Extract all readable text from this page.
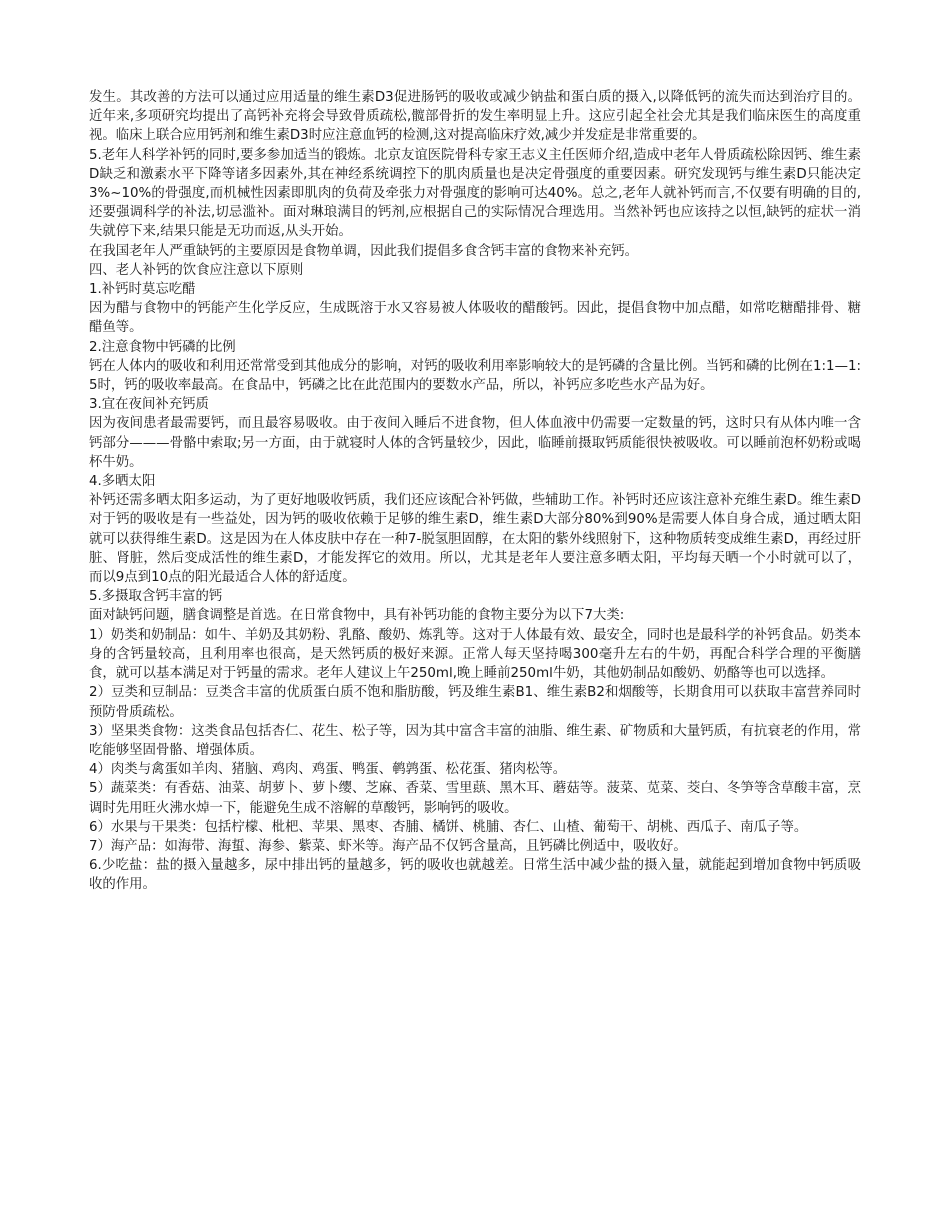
发生。其改善的方法可以通过应用适量的维生素D3促进肠钙的吸收或减少钠盐和蛋白质的摄入,以降低钙的流失而达到治疗目的。近年来,多项研究均提出了高钙补充将会导致骨质疏松,髋部骨折的发生率明显上升。这应引起全社会尤其是我们临床医生的高度重视。临床上联合应用钙剂和维生素D3时应注意血钙的检测,这对提高临床疗效,减少并发症是非常重要的。

5.老年人科学补钙的同时,要多参加适当的锻炼。北京友谊医院骨科专家王志义主任医师介绍,造成中老年人骨质疏松除因钙、维生素D缺乏和激素水平下降等诸多因素外,其在神经系统调控下的肌肉质量也是决定骨强度的重要因素。研究发现钙与维生素D只能决定3%~10%的骨强度,而机械性因素即肌肉的负荷及牵张力对骨强度的影响可达40%。总之,老年人就补钙而言,不仅要有明确的目的,还要强调科学的补法,切忌滥补。面对琳琅满目的钙剂,应根据自己的实际情况合理选用。当然补钙也应该持之以恒,缺钙的症状一消失就停下来,结果只能是无功而返,从头开始。

在我国老年人严重缺钙的主要原因是食物单调，因此我们提倡多食含钙丰富的食物来补充钙。

四、老人补钙的饮食应注意以下原则

1.补钙时莫忘吃醋

因为醋与食物中的钙能产生化学反应，生成既溶于水又容易被人体吸收的醋酸钙。因此，提倡食物中加点醋，如常吃糖醋排骨、糖醋鱼等。

2.注意食物中钙磷的比例

钙在人体内的吸收和利用还常常受到其他成分的影响，对钙的吸收利用率影响较大的是钙磷的含量比例。当钙和磷的比例在1:1—1:5时，钙的吸收率最高。在食品中，钙磷之比在此范围内的要数水产品，所以，补钙应多吃些水产品为好。

3.宜在夜间补充钙质

因为夜间患者最需要钙，而且最容易吸收。由于夜间入睡后不进食物，但人体血液中仍需要一定数量的钙，这时只有从体内唯一含钙部分———骨骼中索取;另一方面，由于就寝时人体的含钙量较少，因此，临睡前摄取钙质能很快被吸收。可以睡前泡杯奶粉或喝杯牛奶。

4.多晒太阳

补钙还需多晒太阳多运动，为了更好地吸收钙质，我们还应该配合补钙做，些辅助工作。补钙时还应该注意补充维生素D。维生素D对于钙的吸收是有一些益处，因为钙的吸收依赖于足够的维生素D，维生素D大部分80%到90%是需要人体自身合成，通过晒太阳就可以获得维生素D。这是因为在人体皮肤中存在一种7-脱氢胆固醇，在太阳的紫外线照射下，这种物质转变成维生素D，再经过肝脏、肾脏，然后变成活性的维生素D，才能发挥它的效用。所以，尤其是老年人要注意多晒太阳，平均每天晒一个小时就可以了，而以9点到10点的阳光最适合人体的舒适度。

5.多摄取含钙丰富的钙

面对缺钙问题，膳食调整是首选。在日常食物中，具有补钙功能的食物主要分为以下7大类:

1）奶类和奶制品：如牛、羊奶及其奶粉、乳酪、酸奶、炼乳等。这对于人体最有效、最安全，同时也是最科学的补钙食品。奶类本身的含钙量较高，且利用率也很高，是天然钙质的极好来源。正常人每天坚持喝300毫升左右的牛奶，再配合科学合理的平衡膳食，就可以基本满足对于钙量的需求。老年人建议上午250ml,晚上睡前250ml牛奶，其他奶制品如酸奶、奶酪等也可以选择。

2）豆类和豆制品：豆类含丰富的优质蛋白质不饱和脂肪酸，钙及维生素B1、维生素B2和烟酸等，长期食用可以获取丰富营养同时预防骨质疏松。

3）坚果类食物：这类食品包括杏仁、花生、松子等，因为其中富含丰富的油脂、维生素、矿物质和大量钙质，有抗衰老的作用，常吃能够坚固骨骼、增强体质。

4）肉类与禽蛋如羊肉、猪脑、鸡肉、鸡蛋、鸭蛋、鹌鹑蛋、松花蛋、猪肉松等。

5）蔬菜类：有香菇、油菜、胡萝卜、萝卜缨、芝麻、香菜、雪里蕻、黑木耳、蘑菇等。菠菜、苋菜、茭白、冬笋等含草酸丰富，烹调时先用旺火沸水焯一下，能避免生成不溶解的草酸钙，影响钙的吸收。

6）水果与干果类：包括柠檬、枇杷、苹果、黑枣、杏脯、橘饼、桃脯、杏仁、山楂、葡萄干、胡桃、西瓜子、南瓜子等。

7）海产品：如海带、海蜇、海参、紫菜、虾米等。海产品不仅钙含量高，且钙磷比例适中，吸收好。

6.少吃盐：盐的摄入量越多，尿中排出钙的量越多，钙的吸收也就越差。日常生活中减少盐的摄入量，就能起到增加食物中钙质吸收的作用。
